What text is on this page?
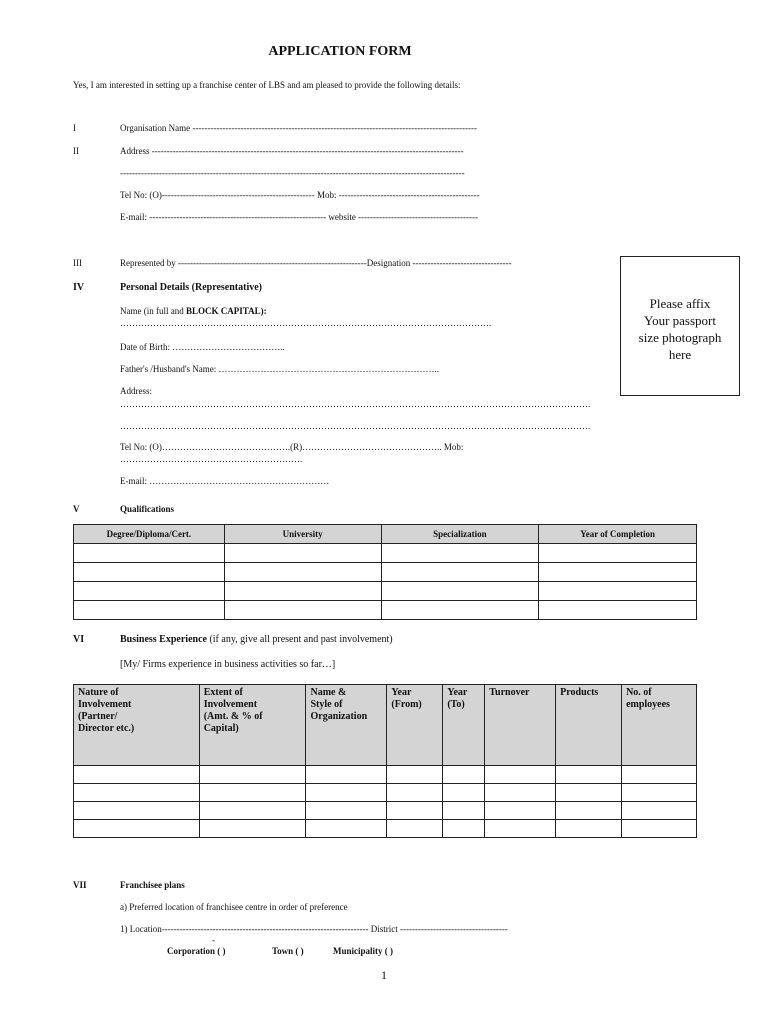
APPLICATION FORM
Yes, I am interested in setting up a franchise center of LBS and am pleased to provide the following details:
I	Organisation Name -----------------------------------------------------------------------------------------------
II	Address --------------------------------------------------------------------------------------------------------
-------------------------------------------------------------------------------------------------------------------
Tel No: (O)--------------------------------------------------- Mob: -----------------------------------------------
E-mail: ----------------------------------------------------------- website ----------------------------------------
III	Represented by ---------------------------------------------------------------Designation ---------------------------------
Please affix
Your passport
size photograph
here
IV	Personal Details (Representative)
Name (in full and BLOCK CAPITAL):
…………………………………………………………………………………………………………….
Date of Birth: ………………………………..
Father's /Husband's Name: ………………………………………………………………..
Address:
………………………………………………………………………………………………………………………………………….
………………………………………………………………………………………………………………………………………….
Tel No: (O)…………………………………….(R)……………………………………….. Mob:
…………………………………………………….
E-mail: ……………………………………………………
V	Qualifications
Degree/Diploma/Cert.	University	Specialization	Year of Completion

VI	Business Experience (if any, give all present and past involvement)
[My/ Firms experience in business activities so far…]
Nature of
Involvement
(Partner/
Director etc.)	Extent of
Involvement
(Amt. & % of
Capital)	Name &
Style of
Organization	Year
(From)	Year
(To)	Turnover	Products	No. of
employees

VII	Franchisee plans
a) Preferred location of franchisee centre in order of preference
1) Location--------------------------------------------------------------------- District ------------------------------------
-
Corporation ( )	Town ( )	Municipality ( )
1
